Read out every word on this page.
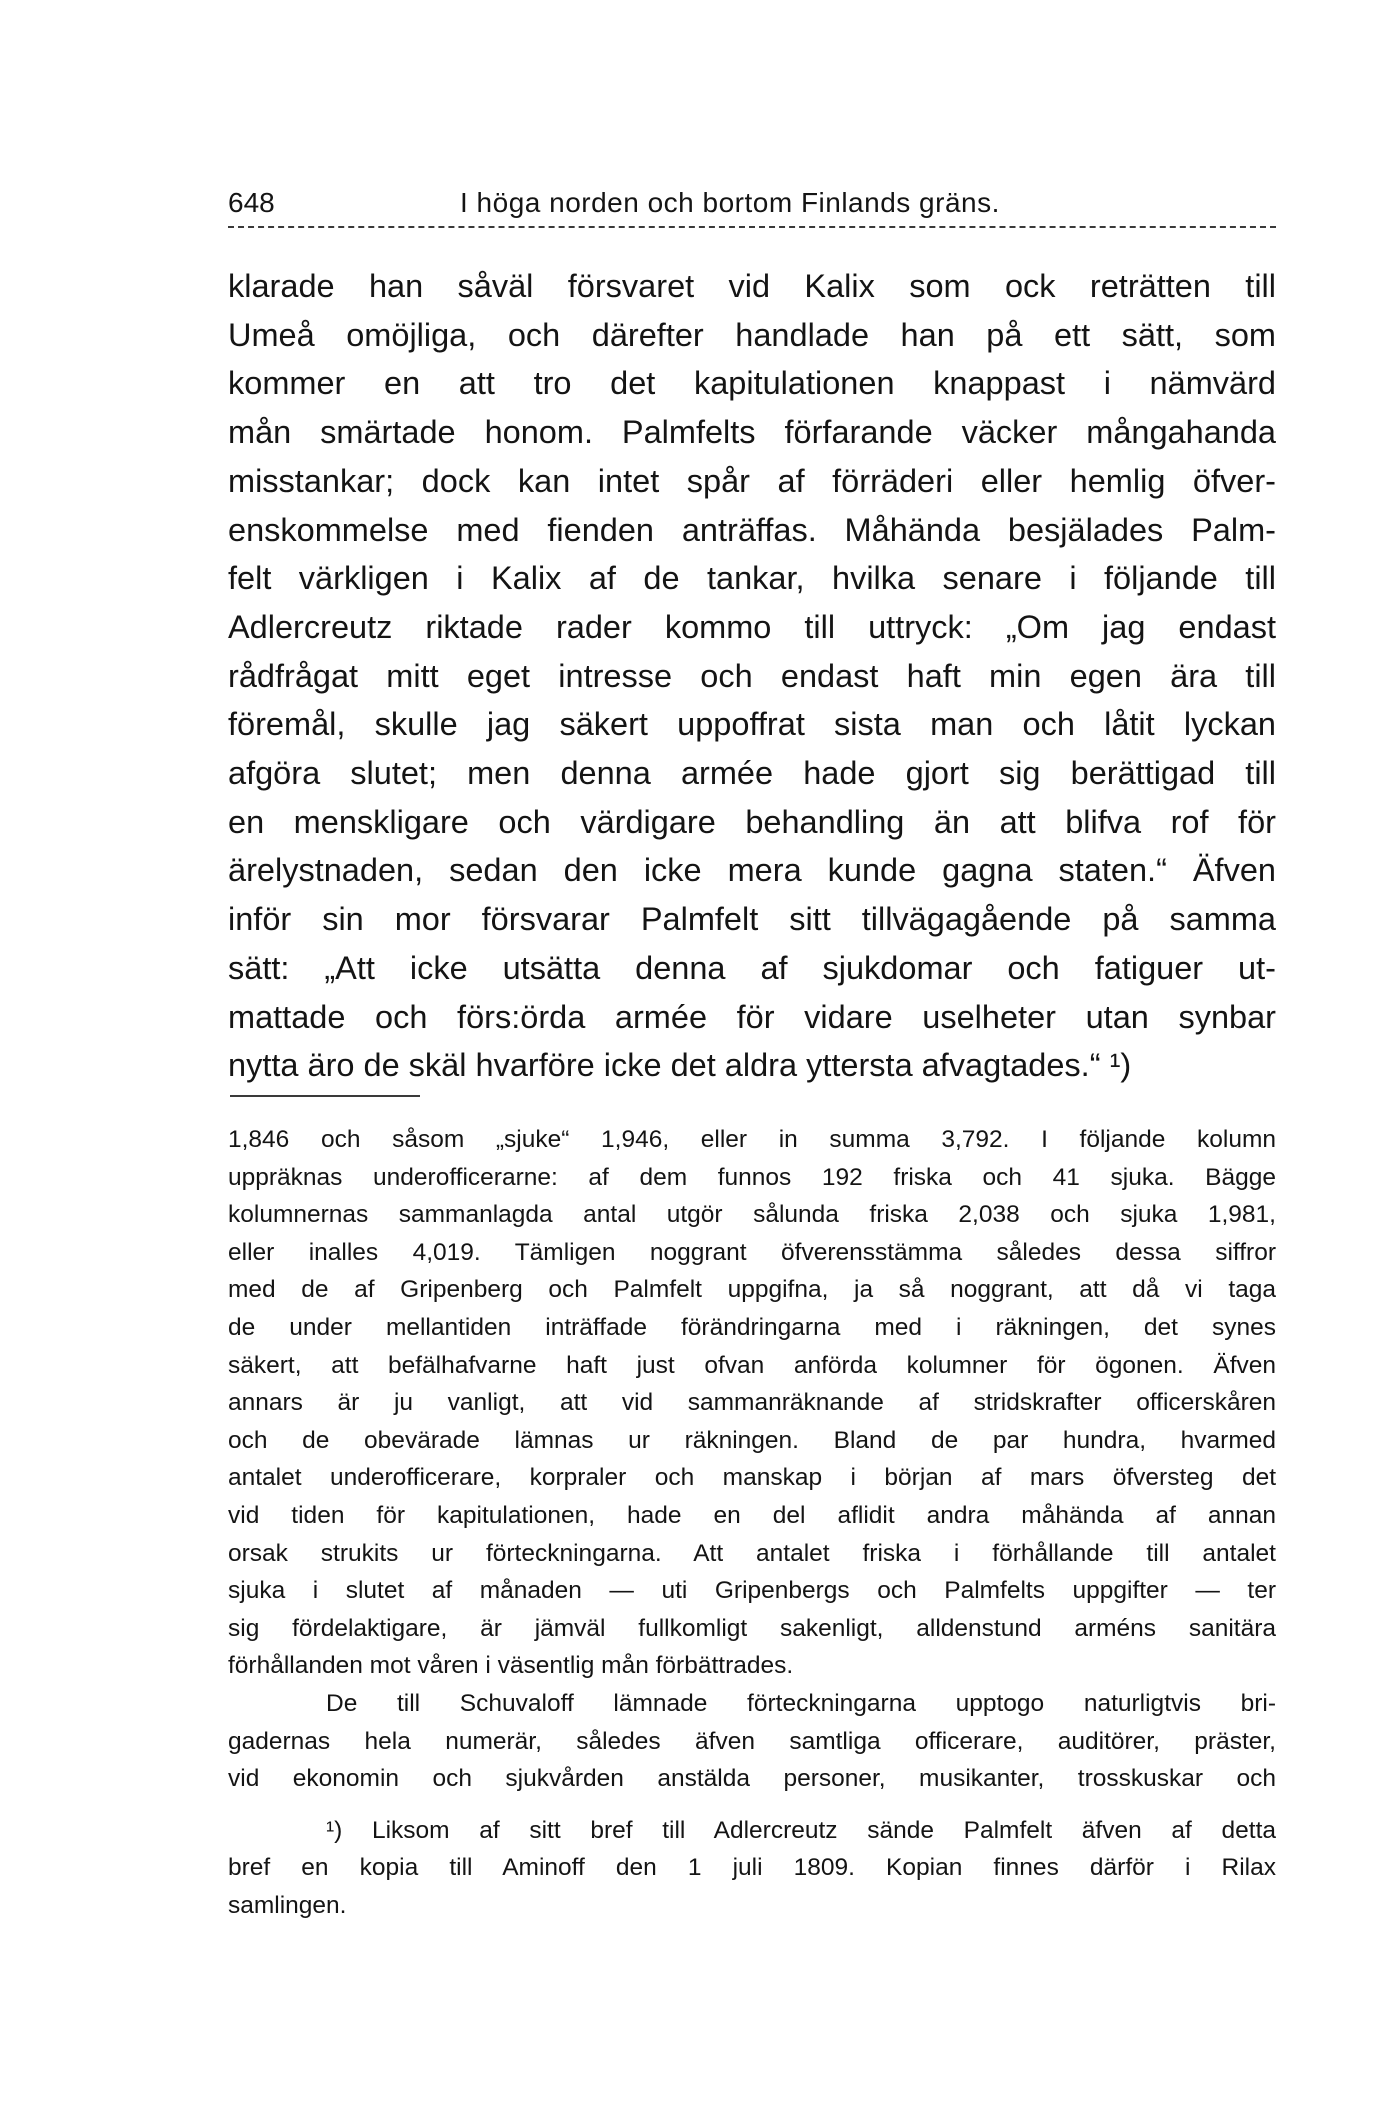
648	I höga norden och bortom Finlands gräns.
klarade han såväl försvaret vid Kalix som ock reträtten till
Umeå omöjliga, och därefter handlade han på ett sätt, som
kommer en att tro det kapitulationen knappast i nämvärd
mån smärtade honom. Palmfelts förfarande väcker mångahanda
misstankar; dock kan intet spår af förräderi eller hemlig öfver-
enskommelse med fienden anträffas. Måhända besjälades Palm-
felt värkligen i Kalix af de tankar, hvilka senare i följande till
Adlercreutz riktade rader kommo till uttryck: „Om jag endast
rådfrågat mitt eget intresse och endast haft min egen ära till
föremål, skulle jag säkert uppoffrat sista man och låtit lyckan
afgöra slutet; men denna armée hade gjort sig berättigad till
en menskligare och värdigare behandling än att blifva rof för
ärelystnaden, sedan den icke mera kunde gagna staten.“ Äfven
inför sin mor försvarar Palmfelt sitt tillvägagående på samma
sätt: „Att icke utsätta denna af sjukdomar och fatiguer ut-
mattade och förs:örda armée för vidare uselheter utan synbar
nytta äro de skäl hvarföre icke det aldra yttersta afvagtades.“ ¹)
1,846 och såsom „sjuke“ 1,946, eller in summa 3,792. I följande kolumn
uppräknas underofficerarne: af dem funnos 192 friska och 41 sjuka. Bägge
kolumnernas sammanlagda antal utgör sålunda friska 2,038 och sjuka 1,981,
eller inalles 4,019. Tämligen noggrant öfverensstämma således dessa siffror
med de af Gripenberg och Palmfelt uppgifna, ja så noggrant, att då vi taga
de under mellantiden inträffade förändringarna med i räkningen, det synes
säkert, att befälhafvarne haft just ofvan anförda kolumner för ögonen. Äfven
annars är ju vanligt, att vid sammanräknande af stridskrafter officerskåren
och de obevärade lämnas ur räkningen. Bland de par hundra, hvarmed
antalet underofficerare, korpraler och manskap i början af mars öfversteg det
vid tiden för kapitulationen, hade en del aflidit andra måhända af annan
orsak strukits ur förteckningarna. Att antalet friska i förhållande till antalet
sjuka i slutet af månaden — uti Gripenbergs och Palmfelts uppgifter — ter
sig fördelaktigare, är jämväl fullkomligt sakenligt, alldenstund arméns sanitära
förhållanden mot våren i väsentlig mån förbättrades.
De till Schuvaloff lämnade förteckningarna upptogo naturligtvis bri-
gadernas hela numerär, således äfven samtliga officerare, auditörer, präster,
vid ekonomin och sjukvården anstälda personer, musikanter, trosskuskar och
¹) Liksom af sitt bref till Adlercreutz sände Palmfelt äfven af detta
bref en kopia till Aminoff den 1 juli 1809. Kopian finnes därför i Rilax
samlingen.
